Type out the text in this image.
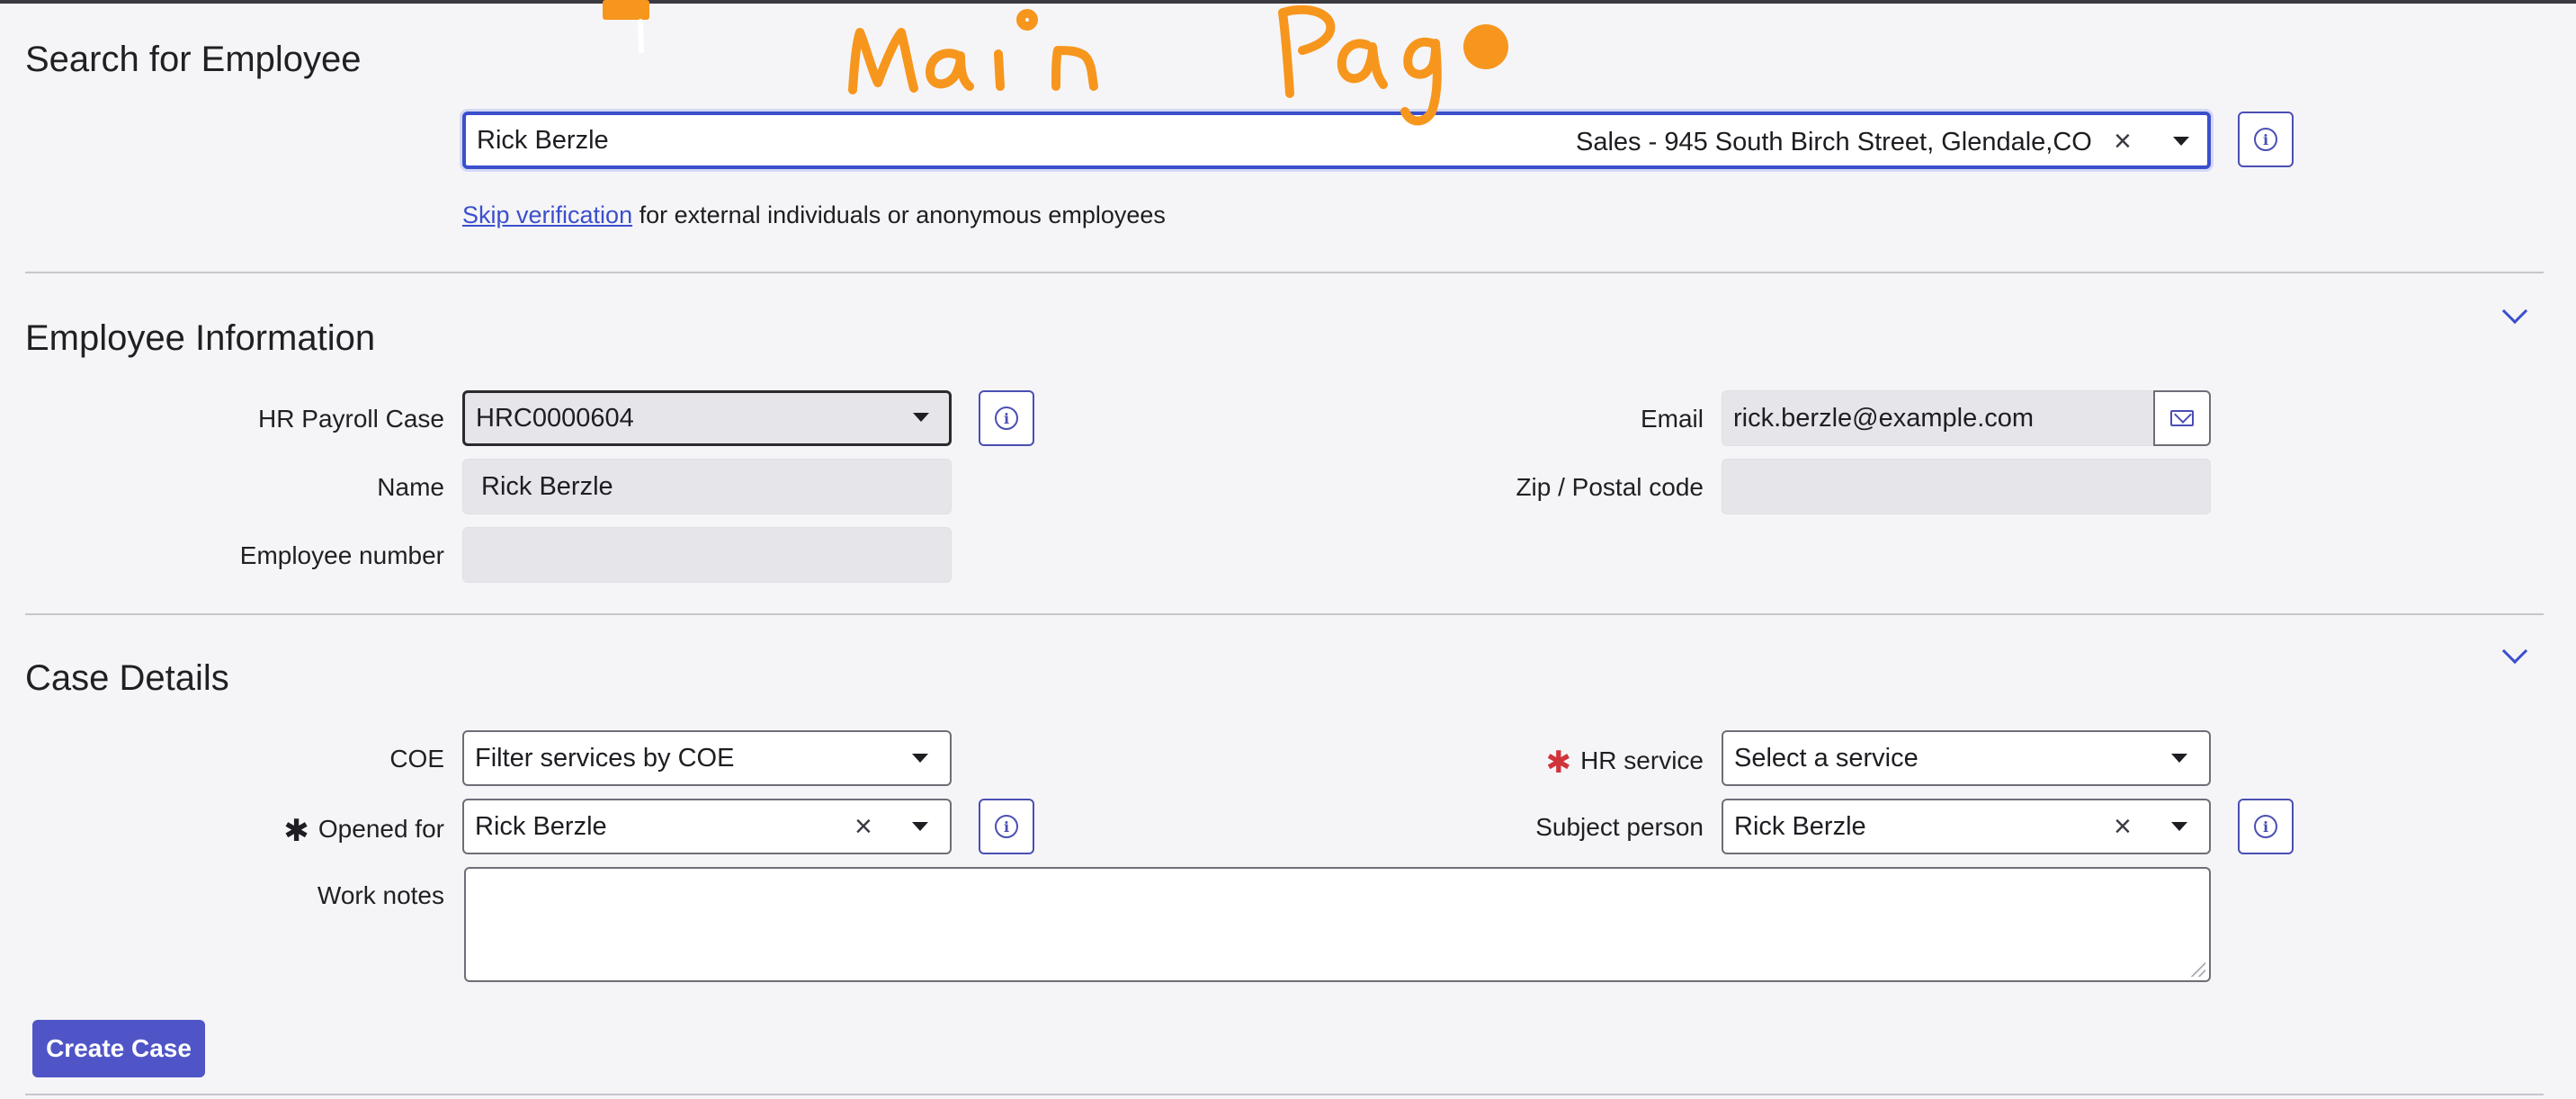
Search for Employee
Rick Berzle	Sales - 945 South Birch Street, Glendale,CO ×	i
Skip verification for external individuals or anonymous employees
Employee Information
HR Payroll Case HRC0000604	i	Email rick.berzle@example.com
Name Rick Berzle	Zip / Postal code
Employee number
Case Details
COE Filter services by COE	✱ HR service Select a service
✱ Opened for Rick Berzle	×	i	Subject person Rick Berzle	×	i
Work notes
Create Case
